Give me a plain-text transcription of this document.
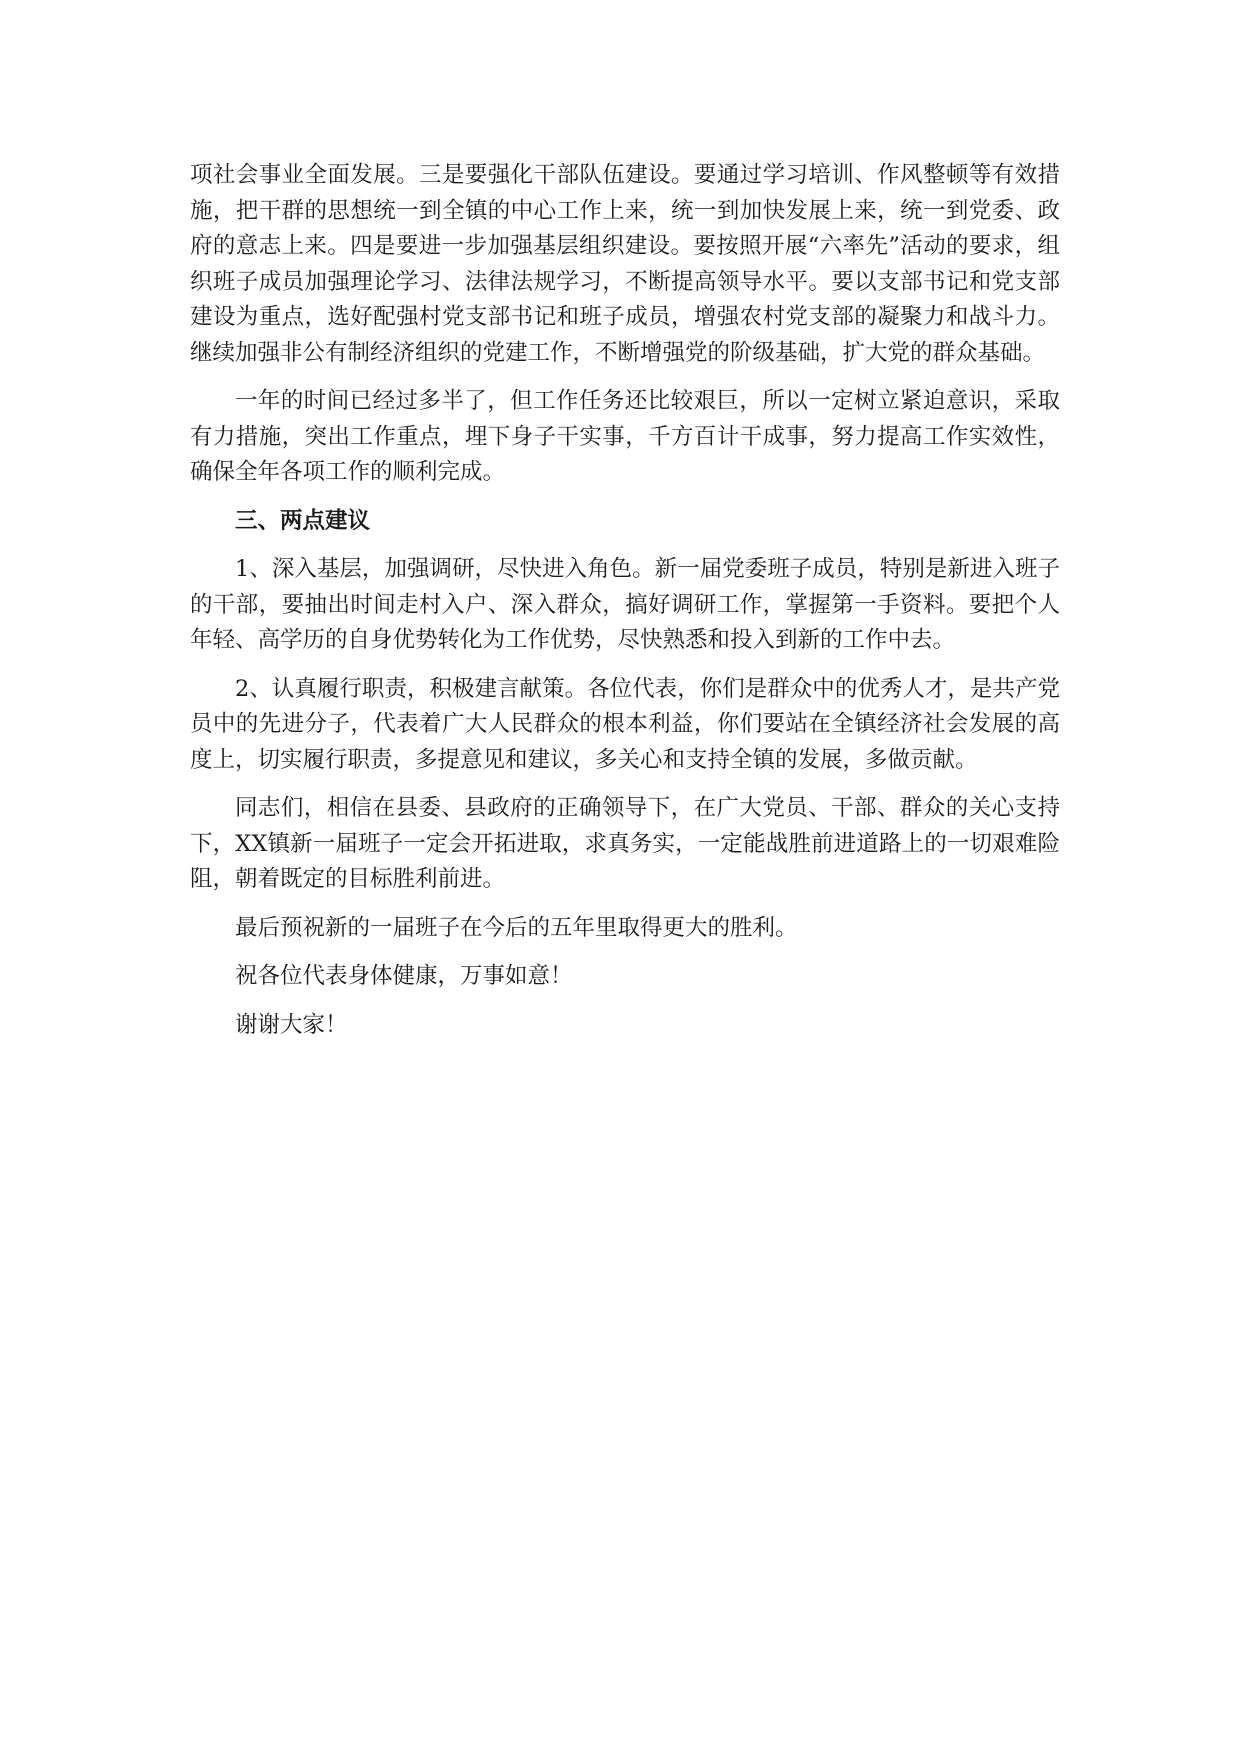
项社会事业全面发展。三是要强化干部队伍建设。要通过学习培训、作风整顿等有效措施，把干群的思想统一到全镇的中心工作上来，统一到加快发展上来，统一到党委、政府的意志上来。四是要进一步加强基层组织建设。要按照开展“六率先”活动的要求，组织班子成员加强理论学习、法律法规学习，不断提高领导水平。要以支部书记和党支部建设为重点，选好配强村党支部书记和班子成员，增强农村党支部的凝聚力和战斗力。继续加强非公有制经济组织的党建工作，不断增强党的阶级基础，扩大党的群众基础。

一年的时间已经过多半了，但工作任务还比较艰巨，所以一定树立紧迫意识，采取有力措施，突出工作重点，埋下身子干实事，千方百计干成事，努力提高工作实效性，确保全年各项工作的顺利完成。

三、两点建议

1、深入基层，加强调研，尽快进入角色。新一届党委班子成员，特别是新进入班子的干部，要抽出时间走村入户、深入群众，搞好调研工作，掌握第一手资料。要把个人年轻、高学历的自身优势转化为工作优势，尽快熟悉和投入到新的工作中去。

2、认真履行职责，积极建言献策。各位代表，你们是群众中的优秀人才，是共产党员中的先进分子，代表着广大人民群众的根本利益，你们要站在全镇经济社会发展的高度上，切实履行职责，多提意见和建议，多关心和支持全镇的发展，多做贡献。

同志们，相信在县委、县政府的正确领导下，在广大党员、干部、群众的关心支持下，XX镇新一届班子一定会开拓进取，求真务实，一定能战胜前进道路上的一切艰难险阻，朝着既定的目标胜利前进。

最后预祝新的一届班子在今后的五年里取得更大的胜利。

祝各位代表身体健康，万事如意！

谢谢大家！
